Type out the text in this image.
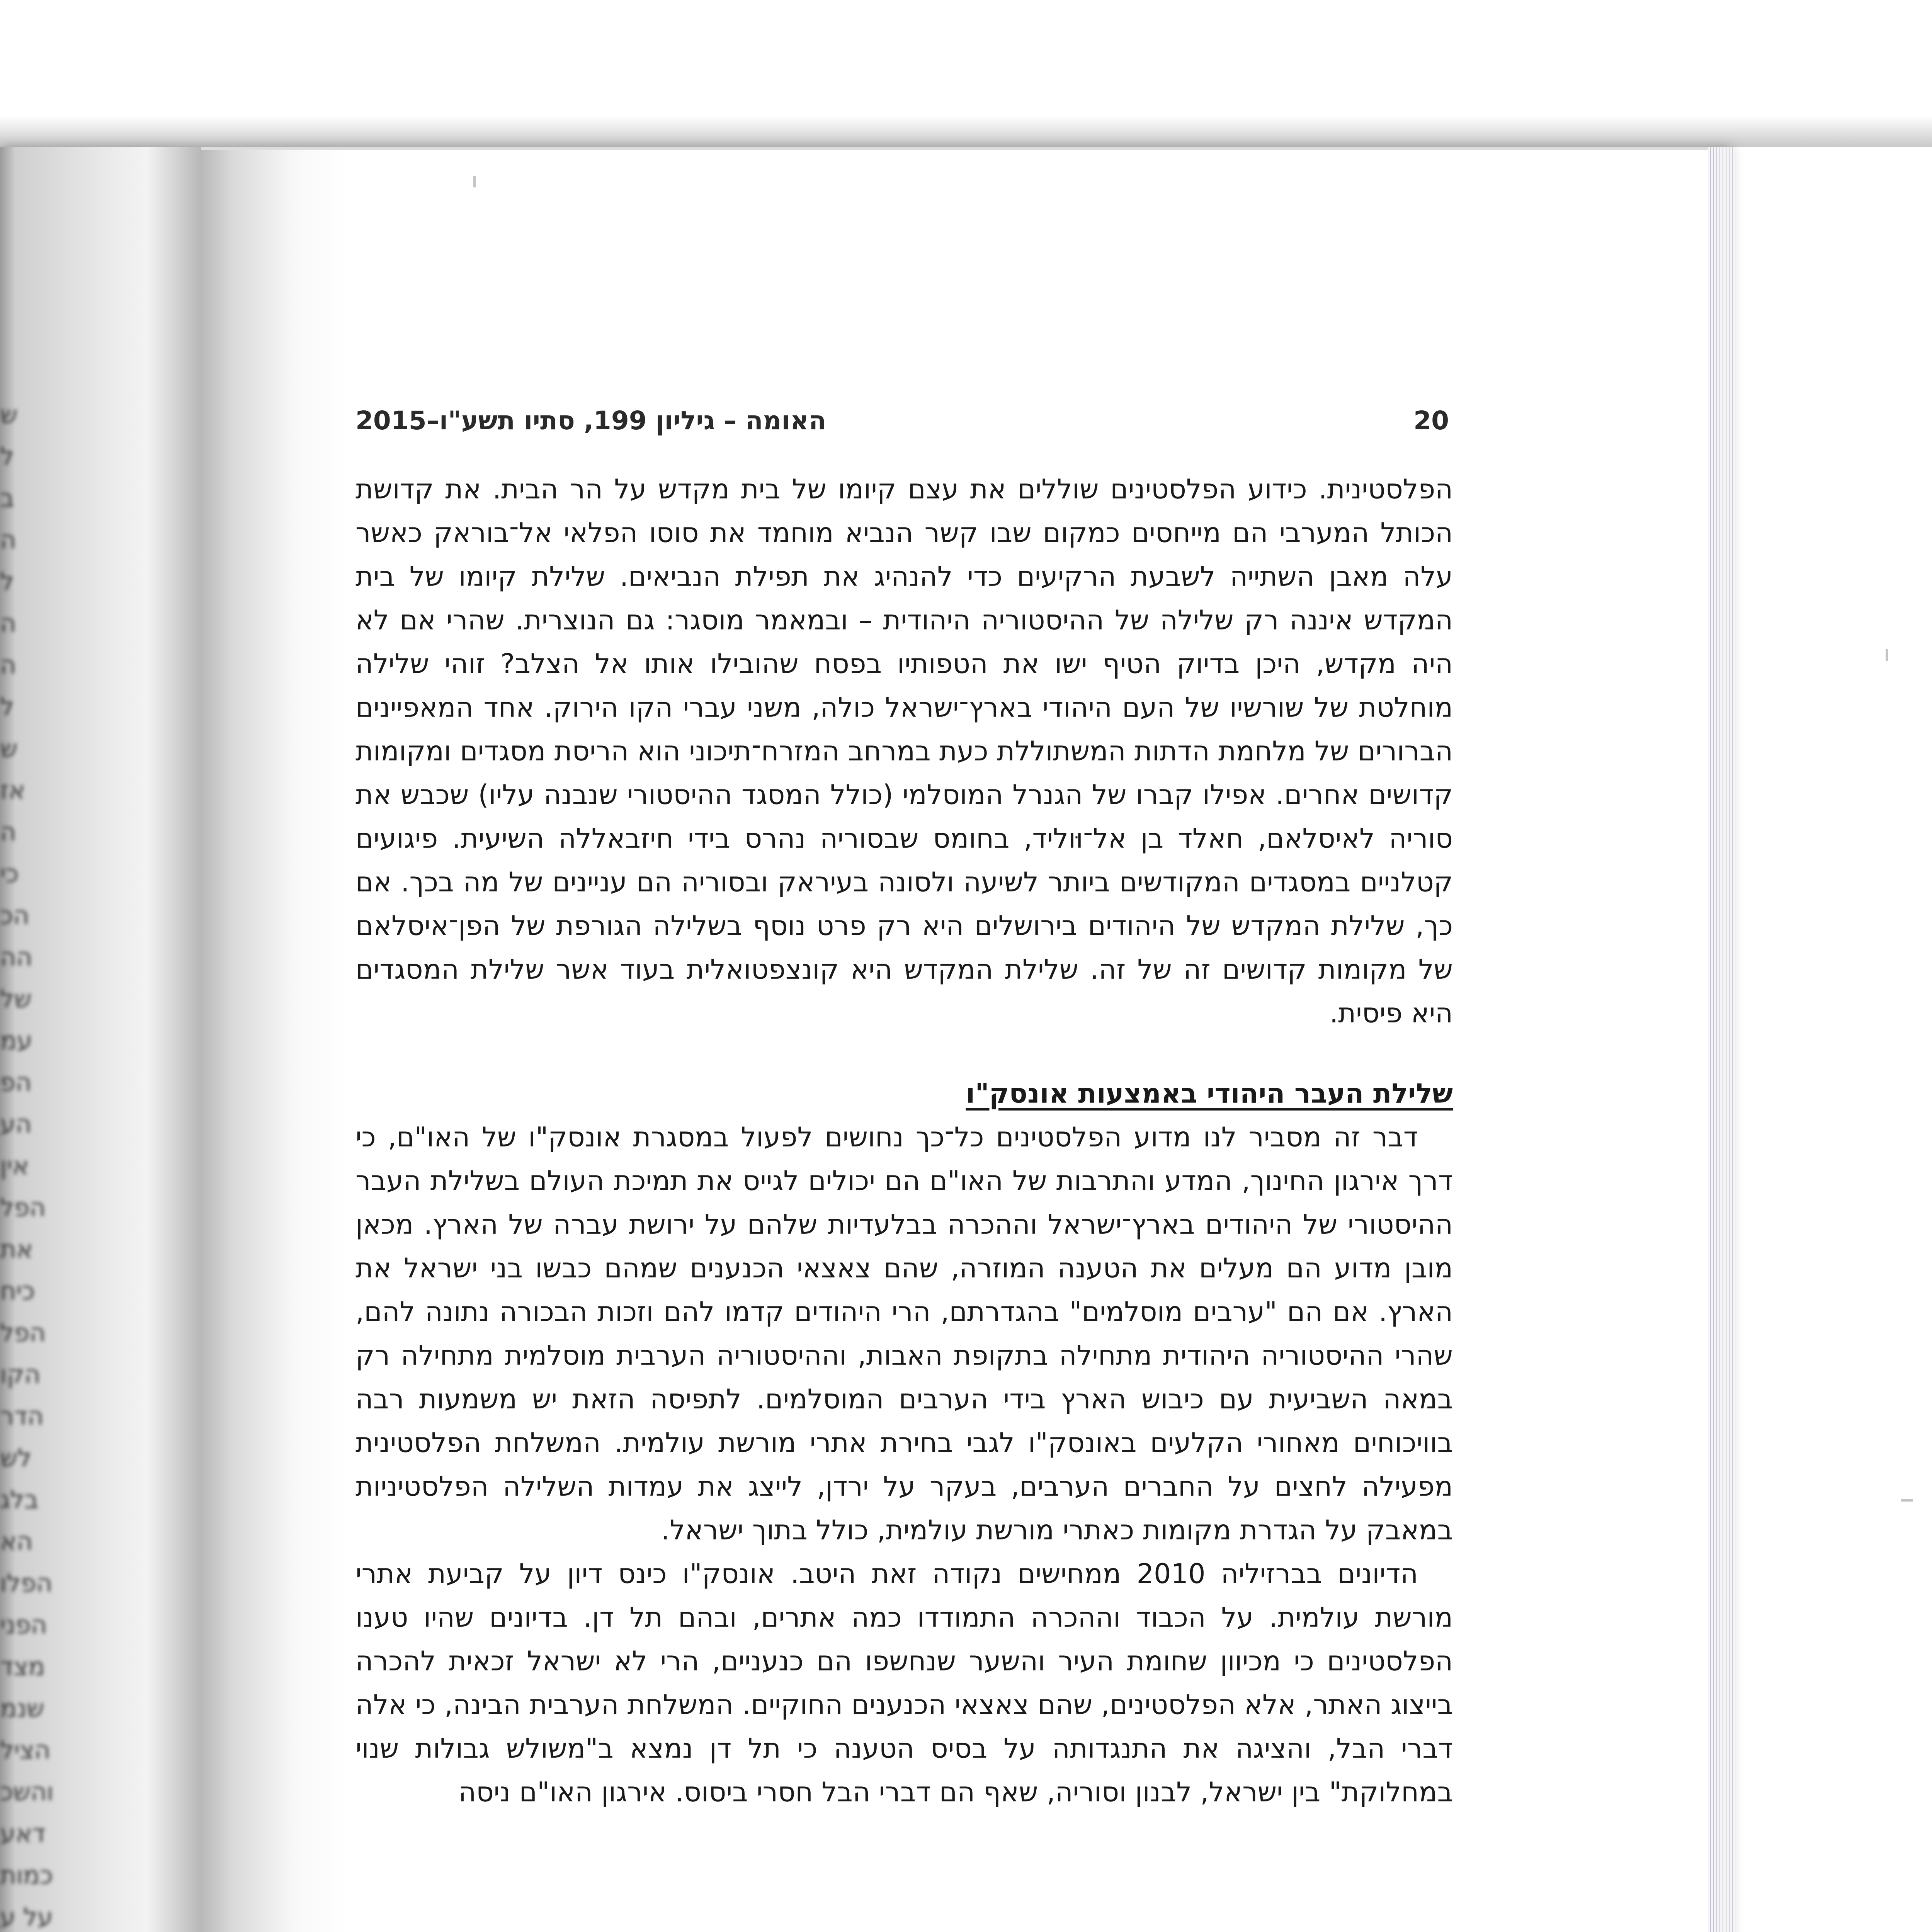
ש
ל
ב
ה
ל
ה
ה
ל
ש
אז
ה
כי
הכ
הה
של
עמ
הפ
הע
אין
הפל
את
כיח
הפל
הקו
הדר
לש
בלג
הא
הפלו
הפני
מצד
שנמ
הציל
והשכ
דאע
כמות
על ע
האומה – גיליון 199, סתיו תשע"ו–2015	20

הפלסטינית. כידוע הפלסטינים שוללים את עצם קיומו של בית מקדש על הר הבית. את קדושת הכותל המערבי הם מייחסים כמקום שבו קשר הנביא מוחמד את סוסו הפלאי אל־בוראק כאשר עלה מאבן השתייה לשבעת הרקיעים כדי להנהיג את תפילת הנביאים. שלילת קיומו של בית המקדש איננה רק שלילה של ההיסטוריה היהודית – ובמאמר מוסגר: גם הנוצרית. שהרי אם לא היה מקדש, היכן בדיוק הטיף ישו את הטפותיו בפסח שהובילו אותו אל הצלב? זוהי שלילה מוחלטת של שורשיו של העם היהודי בארץ־ישראל כולה, משני עברי הקו הירוק. אחד המאפיינים הברורים של מלחמת הדתות המשתוללת כעת במרחב המזרח־תיכוני הוא הריסת מסגדים ומקומות קדושים אחרים. אפילו קברו של הגנרל המוסלמי (כולל המסגד ההיסטורי שנבנה עליו) שכבש את סוריה לאיסלאם, חאלד בן אל־וּוליד, בחומס שבסוריה נהרס בידי חיזבאללה השיעית. פיגועים קטלניים במסגדים המקודשים ביותר לשיעה ולסונה בעיראק ובסוריה הם עניינים של מה בכך. אם כך, שלילת המקדש של היהודים בירושלים היא רק פרט נוסף בשלילה הגורפת של הפן־איסלאם של מקומות קדושים זה של זה. שלילת המקדש היא קונצפטואלית בעוד אשר שלילת המסגדים היא פיסית.

שלילת העבר היהודי באמצעות אונסק"ו

דבר זה מסביר לנו מדוע הפלסטינים כל־כך נחושים לפעול במסגרת אונסק"ו של האו"ם, כי דרך אירגון החינוך, המדע והתרבות של האו"ם הם יכולים לגייס את תמיכת העולם בשלילת העבר ההיסטורי של היהודים בארץ־ישראל וההכרה בבלעדיות שלהם על ירושת עברה של הארץ. מכאן מובן מדוע הם מעלים את הטענה המוזרה, שהם צאצאי הכנענים שמהם כבשו בני ישראל את הארץ. אם הם "ערבים מוסלמים" בהגדרתם, הרי היהודים קדמו להם וזכות הבכורה נתונה להם, שהרי ההיסטוריה היהודית מתחילה בתקופת האבות, וההיסטוריה הערבית מוסלמית מתחילה רק במאה השביעית עם כיבוש הארץ בידי הערבים המוסלמים. לתפיסה הזאת יש משמעות רבה בוויכוחים מאחורי הקלעים באונסק"ו לגבי בחירת אתרי מורשת עולמית. המשלחת הפלסטינית מפעילה לחצים על החברים הערבים, בעקר על ירדן, לייצג את עמדות השלילה הפלסטיניות במאבק על הגדרת מקומות כאתרי מורשת עולמית, כולל בתוך ישראל.

הדיונים בברזיליה 2010 ממחישים נקודה זאת היטב. אונסק"ו כינס דיון על קביעת אתרי מורשת עולמית. על הכבוד וההכרה התמודדו כמה אתרים, ובהם תל דן. בדיונים שהיו טענו הפלסטינים כי מכיוון שחומת העיר והשער שנחשפו הם כנעניים, הרי לא ישראל זכאית להכרה בייצוג האתר, אלא הפלסטינים, שהם צאצאי הכנענים החוקיים. המשלחת הערבית הבינה, כי אלה דברי הבל, והציגה את התנגדותה על בסיס הטענה כי תל דן נמצא ב"משולש גבולות שנוי במחלוקת" בין ישראל, לבנון וסוריה, שאף הם דברי הבל חסרי ביסוס. אירגון האו"ם ניסה
